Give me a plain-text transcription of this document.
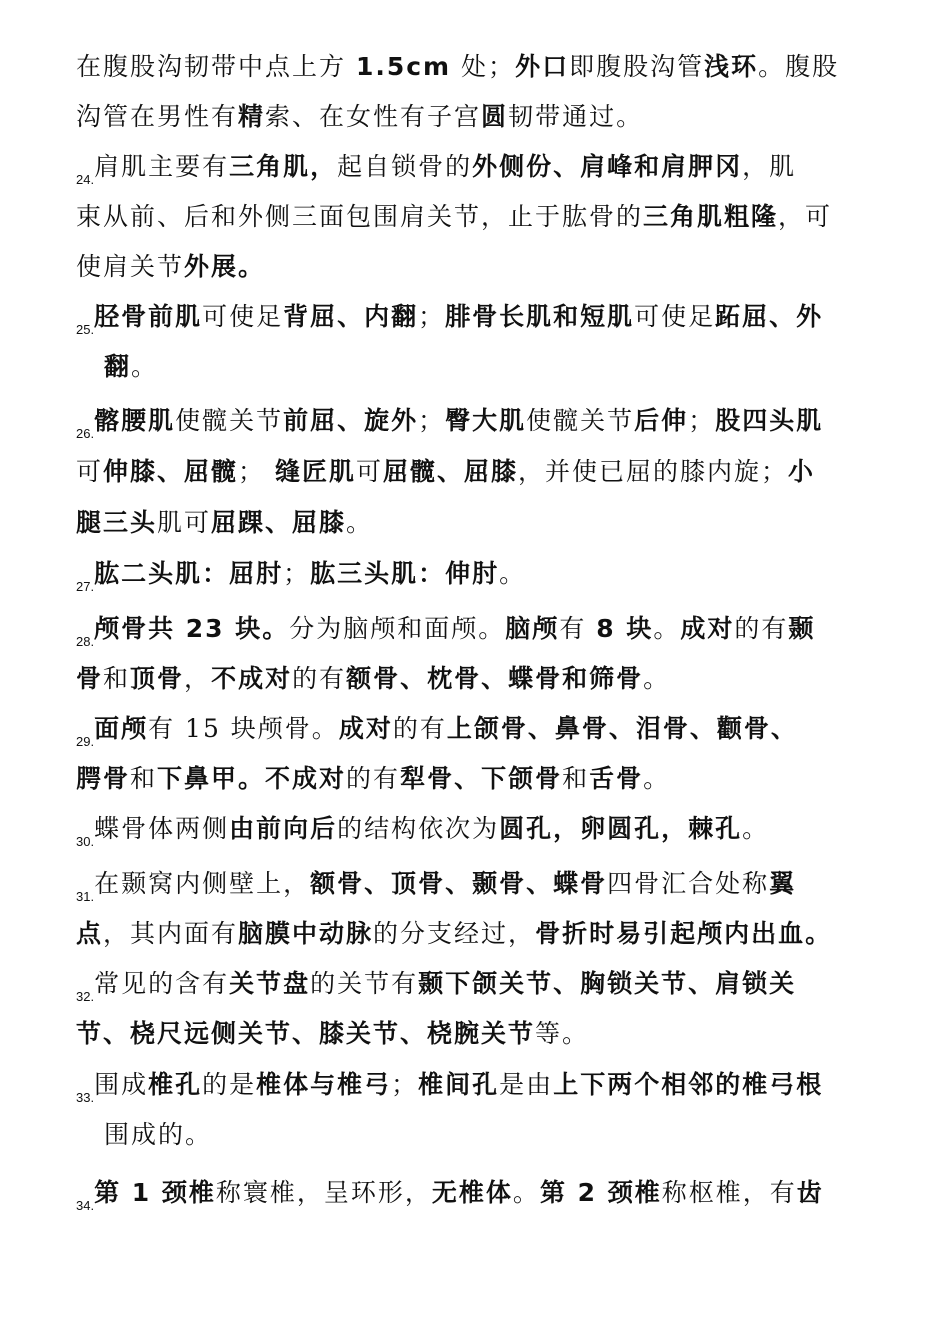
在腹股沟韧带中点上方 1.5cm 处；外口即腹股沟管浅环。腹股
沟管在男性有精索、在女性有子宫圆韧带通过。
$_{24.}$肩肌主要有三角肌，起自锁骨的外侧份、肩峰和肩胛冈，肌
束从前、后和外侧三面包围肩关节，止于肱骨的三角肌粗隆，可
使肩关节外展。
$_{25.}$胫骨前肌可使足背屈、内翻；腓骨长肌和短肌可使足跖屈、外
翻。
$_{26.}$髂腰肌使髋关节前屈、旋外；臀大肌使髋关节后伸；股四头肌
可伸膝、屈髋； 缝匠肌可屈髋、屈膝，并使已屈的膝内旋；小
腿三头肌可屈踝、屈膝。
$_{27.}$肱二头肌：屈肘；肱三头肌：伸肘。
$_{28.}$颅骨共 23 块。分为脑颅和面颅。脑颅有 8 块。成对的有颞
骨和顶骨，不成对的有额骨、枕骨、蝶骨和筛骨。
$_{29.}$面颅有 15 块颅骨。成对的有上颌骨、鼻骨、泪骨、颧骨、
腭骨和下鼻甲。不成对的有犁骨、下颌骨和舌骨。
$_{30.}$蝶骨体两侧由前向后的结构依次为圆孔，卵圆孔，棘孔。
$_{31.}$在颞窝内侧壁上，额骨、顶骨、颞骨、蝶骨四骨汇合处称翼
点，其内面有脑膜中动脉的分支经过，骨折时易引起颅内出血。
$_{32.}$常见的含有关节盘的关节有颞下颌关节、胸锁关节、肩锁关
节、桡尺远侧关节、膝关节、桡腕关节等。
$_{33.}$围成椎孔的是椎体与椎弓；椎间孔是由上下两个相邻的椎弓根
围成的。
$_{34.}$第 1 颈椎称寰椎，呈环形，无椎体。第 2 颈椎称枢椎，有齿
